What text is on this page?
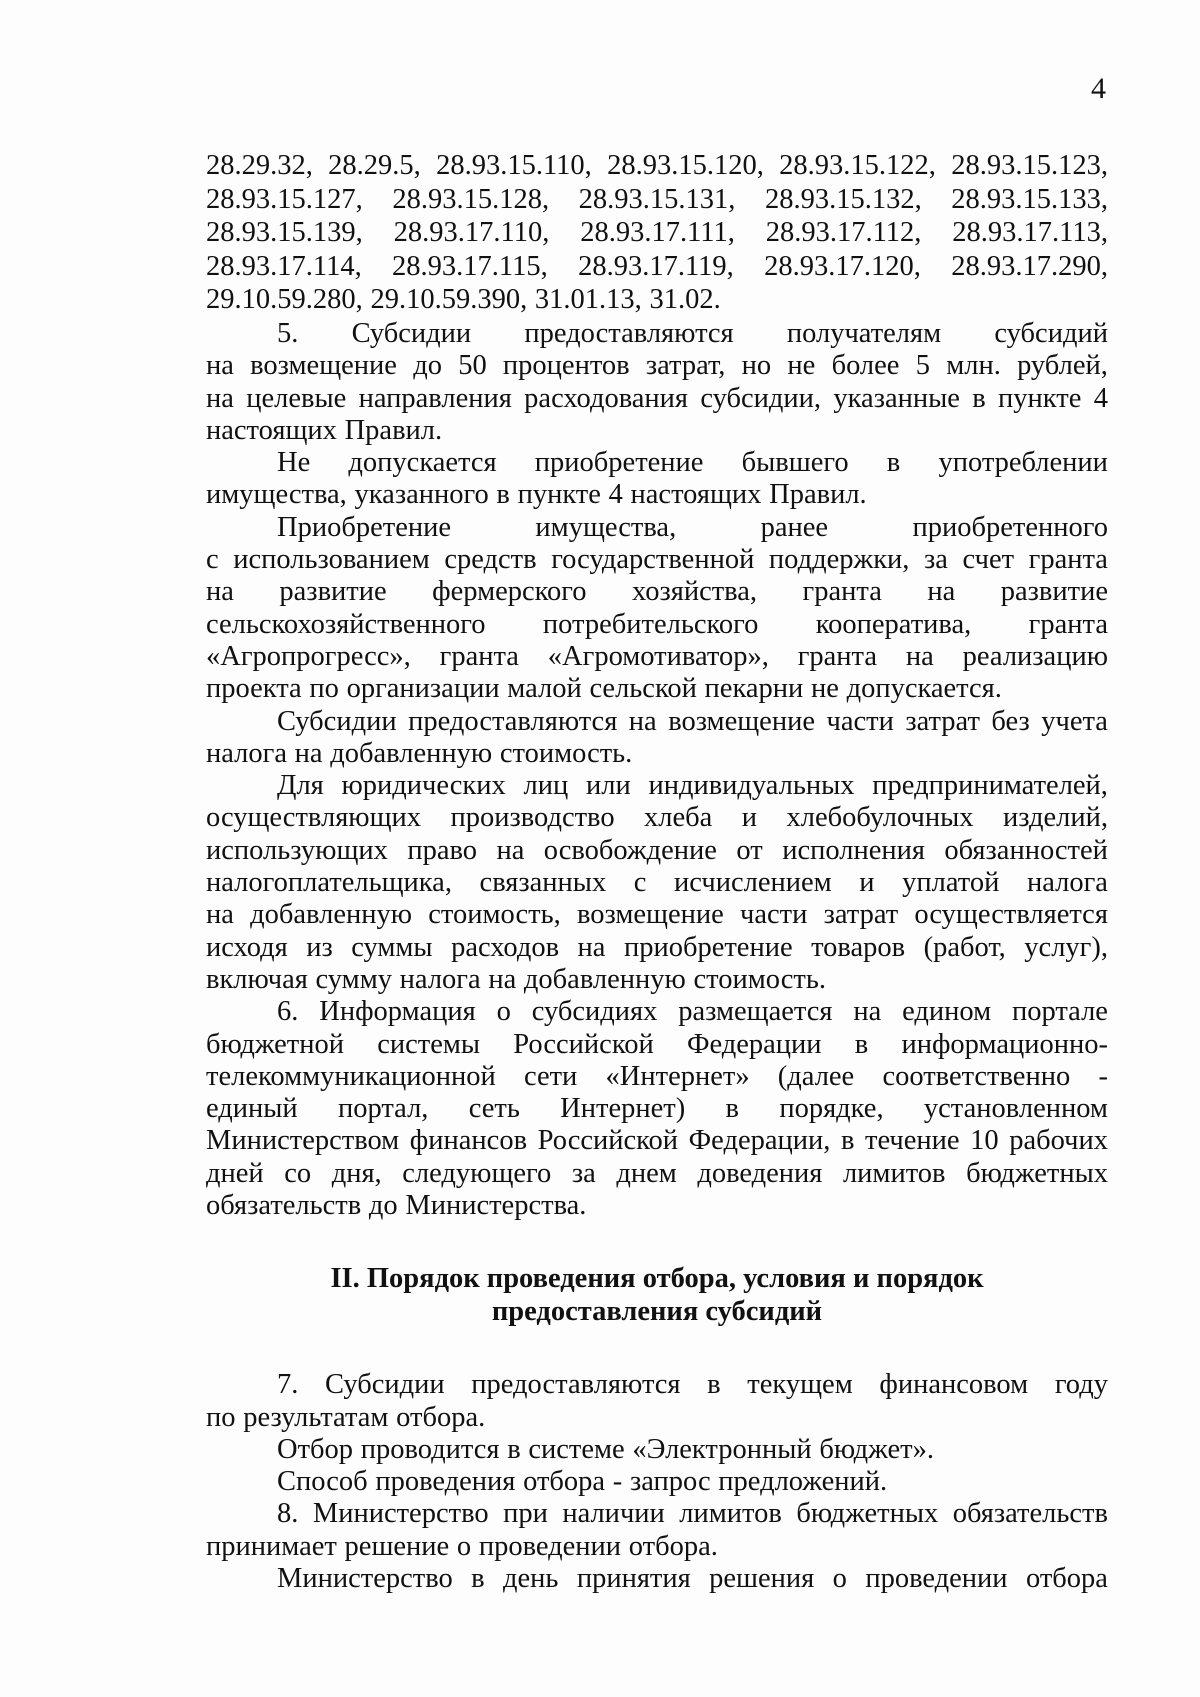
4
28.29.32, 28.29.5, 28.93.15.110, 28.93.15.120, 28.93.15.122, 28.93.15.123,
28.93.15.127, 28.93.15.128, 28.93.15.131, 28.93.15.132, 28.93.15.133,
28.93.15.139, 28.93.17.110, 28.93.17.111, 28.93.17.112, 28.93.17.113,
28.93.17.114, 28.93.17.115, 28.93.17.119, 28.93.17.120, 28.93.17.290,
29.10.59.280, 29.10.59.390, 31.01.13, 31.02.
5. Субсидии предоставляются получателям субсидий
на возмещение до 50 процентов затрат, но не более 5 млн. рублей,
на целевые направления расходования субсидии, указанные в пункте 4
настоящих Правил.
Не допускается приобретение бывшего в употреблении
имущества, указанного в пункте 4 настоящих Правил.
Приобретение	имущества,	ранее	приобретенного
с использованием средств государственной поддержки, за счет гранта
на развитие фермерского хозяйства, гранта на развитие
сельскохозяйственного потребительского кооператива, гранта
«Агропрогресс», гранта «Агромотиватор», гранта на реализацию
проекта по организации малой сельской пекарни не допускается.
Субсидии предоставляются на возмещение части затрат без учета
налога на добавленную стоимость.
Для юридических лиц или индивидуальных предпринимателей,
осуществляющих производство хлеба и хлебобулочных изделий,
использующих право на освобождение от исполнения обязанностей
налогоплательщика, связанных с исчислением и уплатой налога
на добавленную стоимость, возмещение части затрат осуществляется
исходя из суммы расходов на приобретение товаров (работ, услуг),
включая сумму налога на добавленную стоимость.
6. Информация о субсидиях размещается на едином портале
бюджетной системы Российской Федерации в информационно-
телекоммуникационной сети «Интернет» (далее соответственно -
единый портал, сеть Интернет) в порядке, установленном
Министерством финансов Российской Федерации, в течение 10 рабочих
дней со дня, следующего за днем доведения лимитов бюджетных
обязательств до Министерства.
II. Порядок проведения отбора, условия и порядок
предоставления субсидий
7. Субсидии предоставляются в текущем финансовом году
по результатам отбора.
Отбор проводится в системе «Электронный бюджет».
Способ проведения отбора - запрос предложений.
8. Министерство при наличии лимитов бюджетных обязательств
принимает решение о проведении отбора.
Министерство в день принятия решения о проведении отбора
